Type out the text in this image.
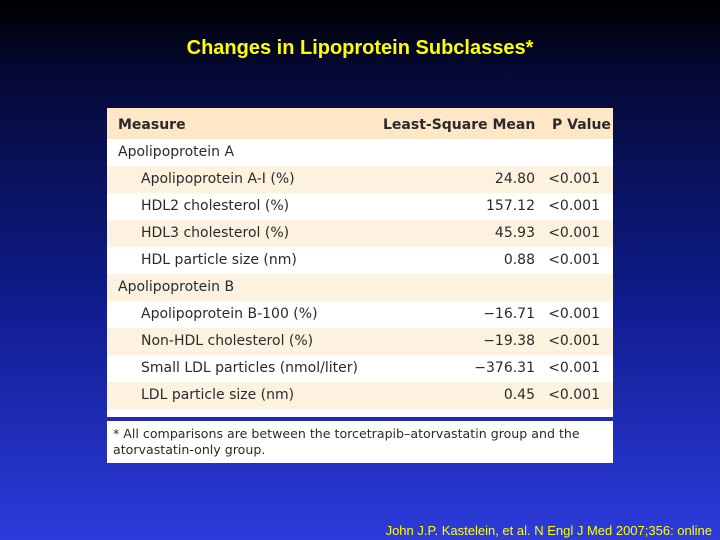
Changes in Lipoprotein Subclasses*
Measure	Least-Square Mean P Value
Apolipoprotein A
Apolipoprotein A-I (%)	24.80 <0.001
HDL2 cholesterol (%)	157.12 <0.001
HDL3 cholesterol (%)	45.93 <0.001
HDL particle size (nm)	0.88 <0.001
Apolipoprotein B
Apolipoprotein B-100 (%)	−16.71 <0.001
Non-HDL cholesterol (%)	−19.38 <0.001
Small LDL particles (nmol/liter)	−376.31 <0.001
LDL particle size (nm)	0.45 <0.001
* All comparisons are between the torcetrapib–atorvastatin group and the atorvastatin-only group.
John J.P. Kastelein, et al. N Engl J Med 2007;356: online
